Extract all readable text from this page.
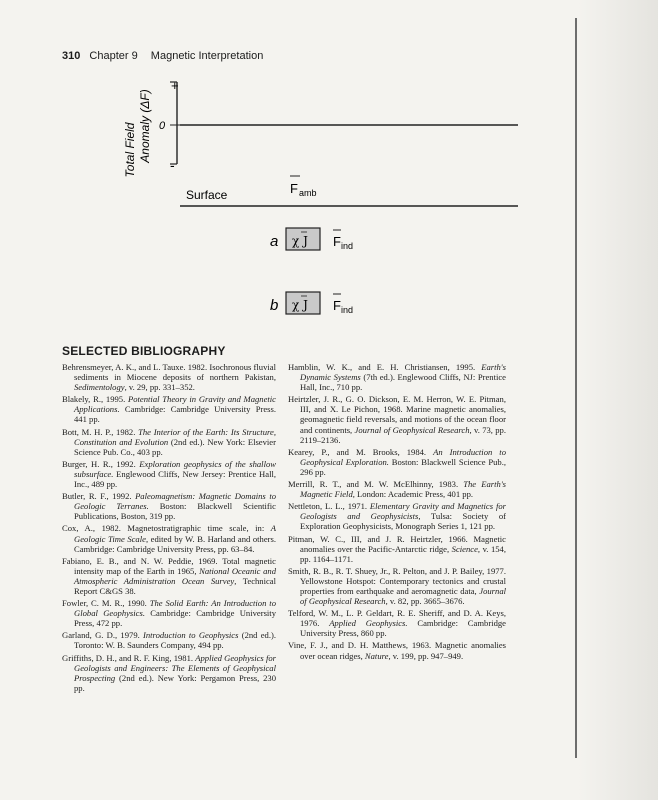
310 Chapter 9 Magnetic Interpretation
Total Field Anomaly (ΔF)
+
0
-
Surface	F amb
a χ J F ind
b χ J F ind
SELECTED BIBLIOGRAPHY

Behrensmeyer, A. K., and L. Tauxe. 1982. Isochronous fluvial sediments in Miocene deposits of northern Pakistan, Sedimentology, v. 29, pp. 331–352.

Blakely, R., 1995. Potential Theory in Gravity and Magnetic Applications. Cambridge: Cambridge University Press. 441 pp.

Bott, M. H. P., 1982. The Interior of the Earth: Its Structure, Constitution and Evolution (2nd ed.). New York: Elsevier Science Pub. Co., 403 pp.

Burger, H. R., 1992. Exploration geophysics of the shallow subsurface. Englewood Cliffs, New Jersey: Prentice Hall, Inc., 489 pp.

Butler, R. F., 1992. Paleomagnetism: Magnetic Domains to Geologic Terranes. Boston: Blackwell Scientific Publications, Boston, 319 pp.

Cox, A., 1982. Magnetostratigraphic time scale, in: A Geologic Time Scale, edited by W. B. Harland and others. Cambridge: Cambridge University Press, pp. 63–84.

Fabiano, E. B., and N. W. Peddie, 1969. Total magnetic intensity map of the Earth in 1965, National Oceanic and Atmospheric Administration Ocean Survey, Technical Report C&GS 38.

Fowler, C. M. R., 1990. The Solid Earth: An Introduction to Global Geophysics. Cambridge: Cambridge University Press, 472 pp.

Garland, G. D., 1979. Introduction to Geophysics (2nd ed.). Toronto: W. B. Saunders Company, 494 pp.

Griffiths, D. H., and R. F. King, 1981. Applied Geophysics for Geologists and Engineers: The Elements of Geophysical Prospecting (2nd ed.). New York: Pergamon Press, 230 pp.

Hamblin, W. K., and E. H. Christiansen, 1995. Earth's Dynamic Systems (7th ed.). Englewood Cliffs, NJ: Prentice Hall, Inc., 710 pp.

Heirtzler, J. R., G. O. Dickson, E. M. Herron, W. E. Pitman, III, and X. Le Pichon, 1968. Marine magnetic anomalies, geomagnetic field reversals, and motions of the ocean floor and continents, Journal of Geophysical Research, v. 73, pp. 2119–2136.

Kearey, P., and M. Brooks, 1984. An Introduction to Geophysical Exploration. Boston: Blackwell Science Pub., 296 pp.

Merrill, R. T., and M. W. McElhinny, 1983. The Earth's Magnetic Field, London: Academic Press, 401 pp.

Nettleton, L. L., 1971. Elementary Gravity and Magnetics for Geologists and Geophysicists, Tulsa: Society of Exploration Geophysicists, Monograph Series 1, 121 pp.

Pitman, W. C., III, and J. R. Heirtzler, 1966. Magnetic anomalies over the Pacific-Antarctic ridge, Science, v. 154, pp. 1164–1171.

Smith, R. B., R. T. Shuey, Jr., R. Pelton, and J. P. Bailey, 1977. Yellowstone Hotspot: Contemporary tectonics and crustal properties from earthquake and aeromagnetic data, Journal of Geophysical Research, v. 82, pp. 3665–3676.

Telford, W. M., L. P. Geldart, R. E. Sheriff, and D. A. Keys, 1976. Applied Geophysics. Cambridge: Cambridge University Press, 860 pp.

Vine, F. J., and D. H. Matthews, 1963. Magnetic anomalies over ocean ridges, Nature, v. 199, pp. 947–949.
